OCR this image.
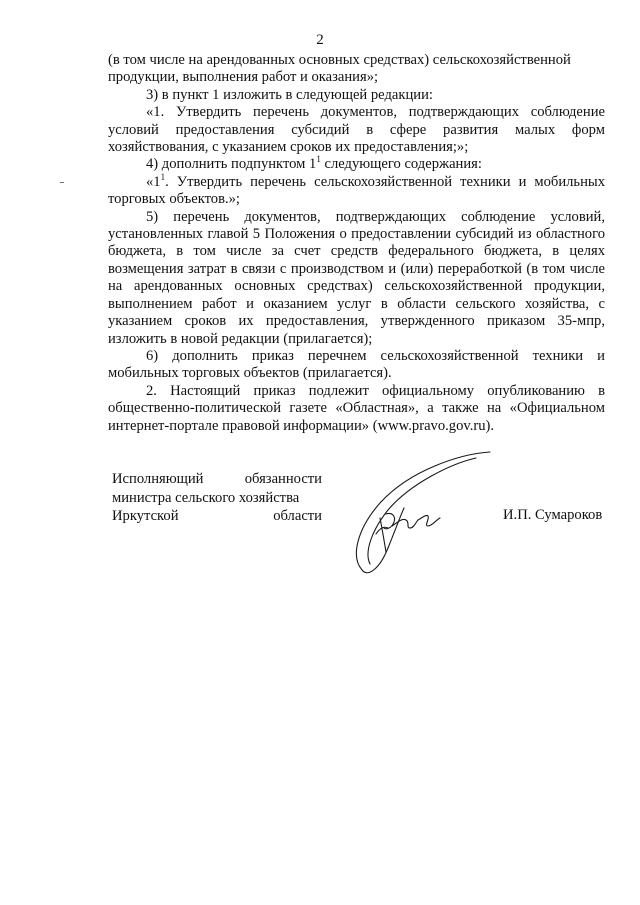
2

(в том числе на арендованных основных средствах) сельскохозяйственной
продукции, выполнения работ и оказания»;

3) в пункт 1 изложить в следующей редакции:

«1. Утвердить перечень документов, подтверждающих соблюдение условий предоставления субсидий в сфере развития малых форм хозяйствования, с указанием сроков их предоставления;»;

4) дополнить подпунктом $1^1$ следующего содержания:

«$1^1$. Утвердить перечень сельскохозяйственной техники и мобильных торговых объектов.»;

5) перечень документов, подтверждающих соблюдение условий, установленных главой 5 Положения о предоставлении субсидий из областного бюджета, в том числе за счет средств федерального бюджета, в целях возмещения затрат в связи с производством и (или) переработкой (в том числе на арендованных основных средствах) сельскохозяйственной продукции, выполнением работ и оказанием услуг в области сельского хозяйства, с указанием сроков их предоставления, утвержденного приказом 35-мпр, изложить в новой редакции (прилагается);

6) дополнить приказ перечнем сельскохозяйственной техники и мобильных торговых объектов (прилагается).

2. Настоящий приказ подлежит официальному опубликованию в общественно-политической газете «Областная», а также на «Официальном интернет-портале правовой информации» (www.pravo.gov.ru).

Исполняющий	обязанности
министра сельского хозяйства
Иркутской	области	И.П. Сумароков
